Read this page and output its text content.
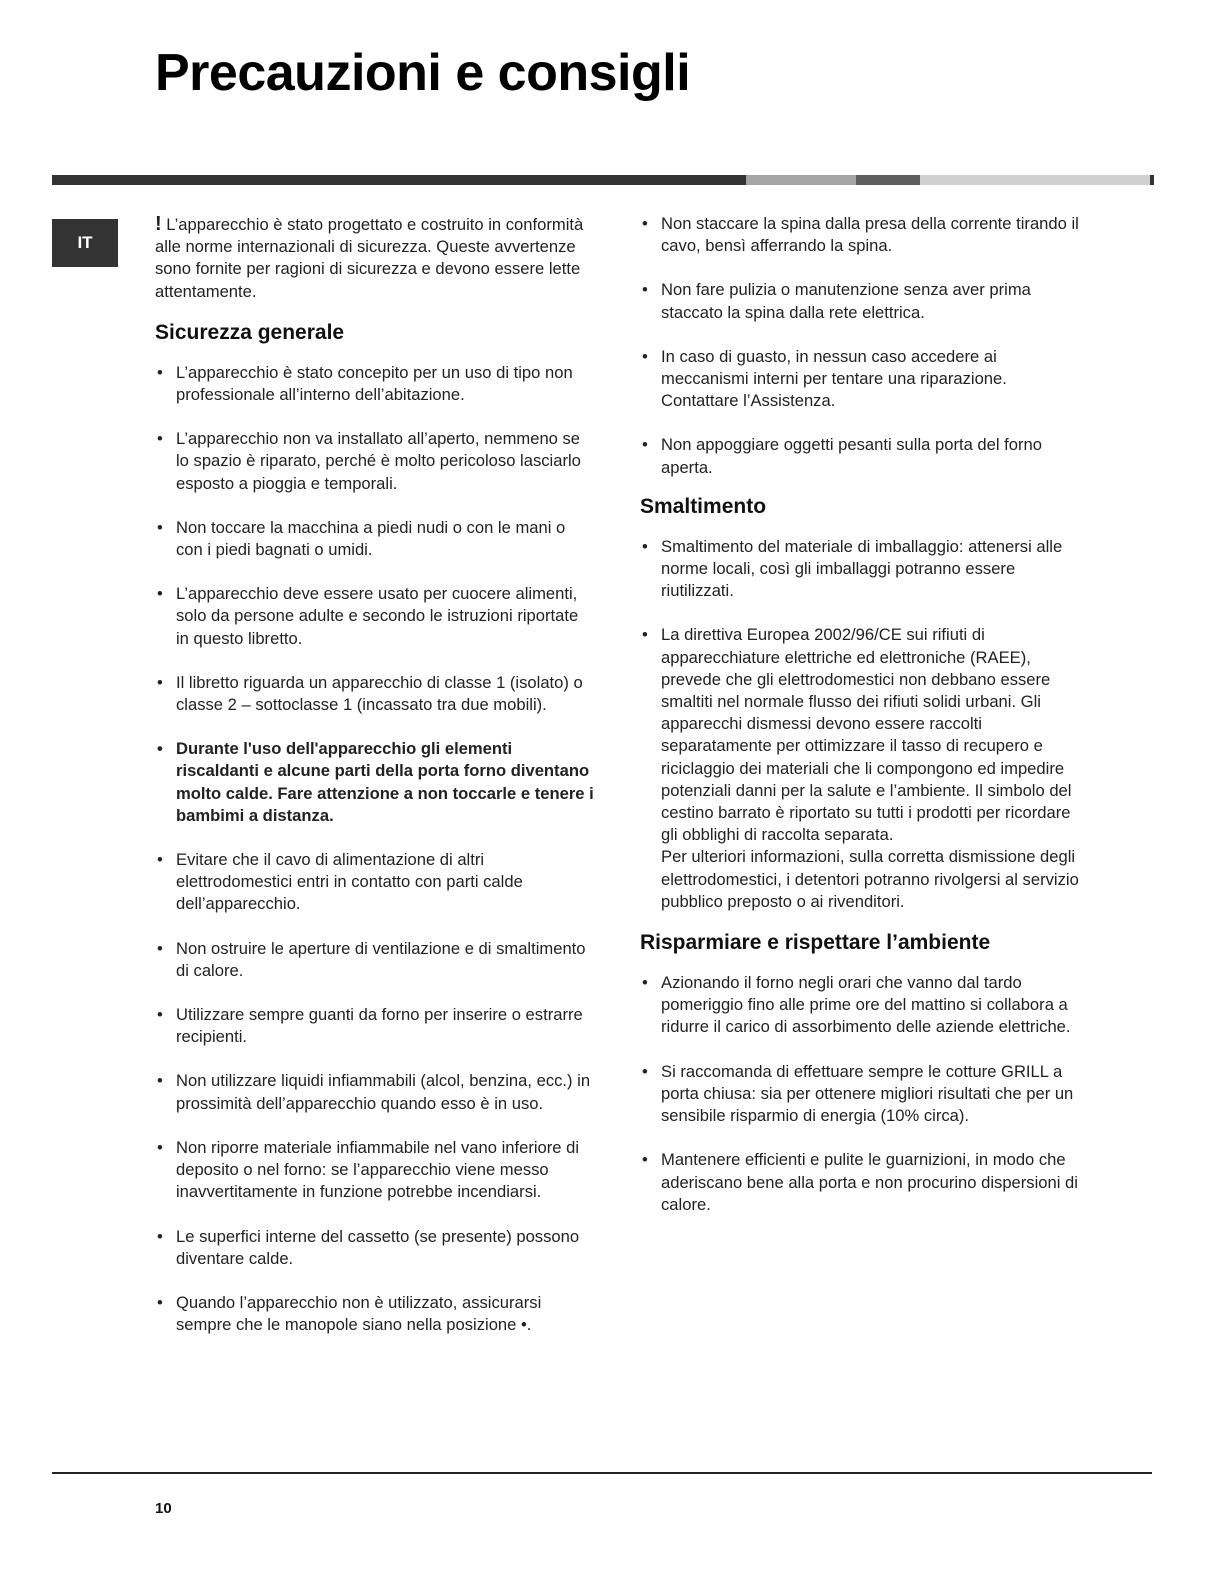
Precauzioni e consigli
IT

! L’apparecchio è stato progettato e costruito in conformità alle norme internazionali di sicurezza. Queste avvertenze sono fornite per ragioni di sicurezza e devono essere lette attentamente.

Sicurezza generale
• L’apparecchio è stato concepito per un uso di tipo non professionale all’interno dell’abitazione.
• L’apparecchio non va installato all’aperto, nemmeno se lo spazio è riparato, perché è molto pericoloso lasciarlo esposto a pioggia e temporali.
• Non toccare la macchina a piedi nudi o con le mani o con i piedi bagnati o umidi.
• L’apparecchio deve essere usato per cuocere alimenti, solo da persone adulte e secondo le istruzioni riportate in questo libretto.
• Il libretto riguarda un apparecchio di classe 1 (isolato) o classe 2 – sottoclasse 1 (incassato tra due mobili).
• Durante l'uso dell'apparecchio gli elementi riscaldanti e alcune parti della porta forno diventano molto calde. Fare attenzione a non toccarle e tenere i bambimi a distanza.
• Evitare che il cavo di alimentazione di altri elettrodomestici entri in contatto con parti calde dell’apparecchio.
• Non ostruire le aperture di ventilazione e di smaltimento di calore.
• Utilizzare sempre guanti da forno per inserire o estrarre recipienti.
• Non utilizzare liquidi infiammabili (alcol, benzina, ecc.) in prossimità dell’apparecchio quando esso è in uso.
• Non riporre materiale infiammabile nel vano inferiore di deposito o nel forno: se l’apparecchio viene messo inavvertitamente in funzione potrebbe incendiarsi.
• Le superfici interne del cassetto (se presente) possono diventare calde.
• Quando l’apparecchio non è utilizzato, assicurarsi sempre che le manopole siano nella posizione •.
• Non staccare la spina dalla presa della corrente tirando il cavo, bensì afferrando la spina.
• Non fare pulizia o manutenzione senza aver prima staccato la spina dalla rete elettrica.
• In caso di guasto, in nessun caso accedere ai meccanismi interni per tentare una riparazione. Contattare l’Assistenza.
• Non appoggiare oggetti pesanti sulla porta del forno aperta.
Smaltimento
• Smaltimento del materiale di imballaggio: attenersi alle norme locali, così gli imballaggi potranno essere riutilizzati.
• La direttiva Europea 2002/96/CE sui rifiuti di apparecchiature elettriche ed elettroniche (RAEE), prevede che gli elettrodomestici non debbano essere smaltiti nel normale flusso dei rifiuti solidi urbani. Gli apparecchi dismessi devono essere raccolti separatamente per ottimizzare il tasso di recupero e riciclaggio dei materiali che li compongono ed impedire potenziali danni per la salute e l’ambiente. Il simbolo del cestino barrato è riportato su tutti i prodotti per ricordare gli obblighi di raccolta separata.
Per ulteriori informazioni, sulla corretta dismissione degli elettrodomestici, i detentori potranno rivolgersi al servizio pubblico preposto o ai rivenditori.
Risparmiare e rispettare l’ambiente
• Azionando il forno negli orari che vanno dal tardo pomeriggio fino alle prime ore del mattino si collabora a ridurre il carico di assorbimento delle aziende elettriche.
• Si raccomanda di effettuare sempre le cotture GRILL a porta chiusa: sia per ottenere migliori risultati che per un sensibile risparmio di energia (10% circa).
• Mantenere efficienti e pulite le guarnizioni, in modo che aderiscano bene alla porta e non procurino dispersioni di calore.
10
